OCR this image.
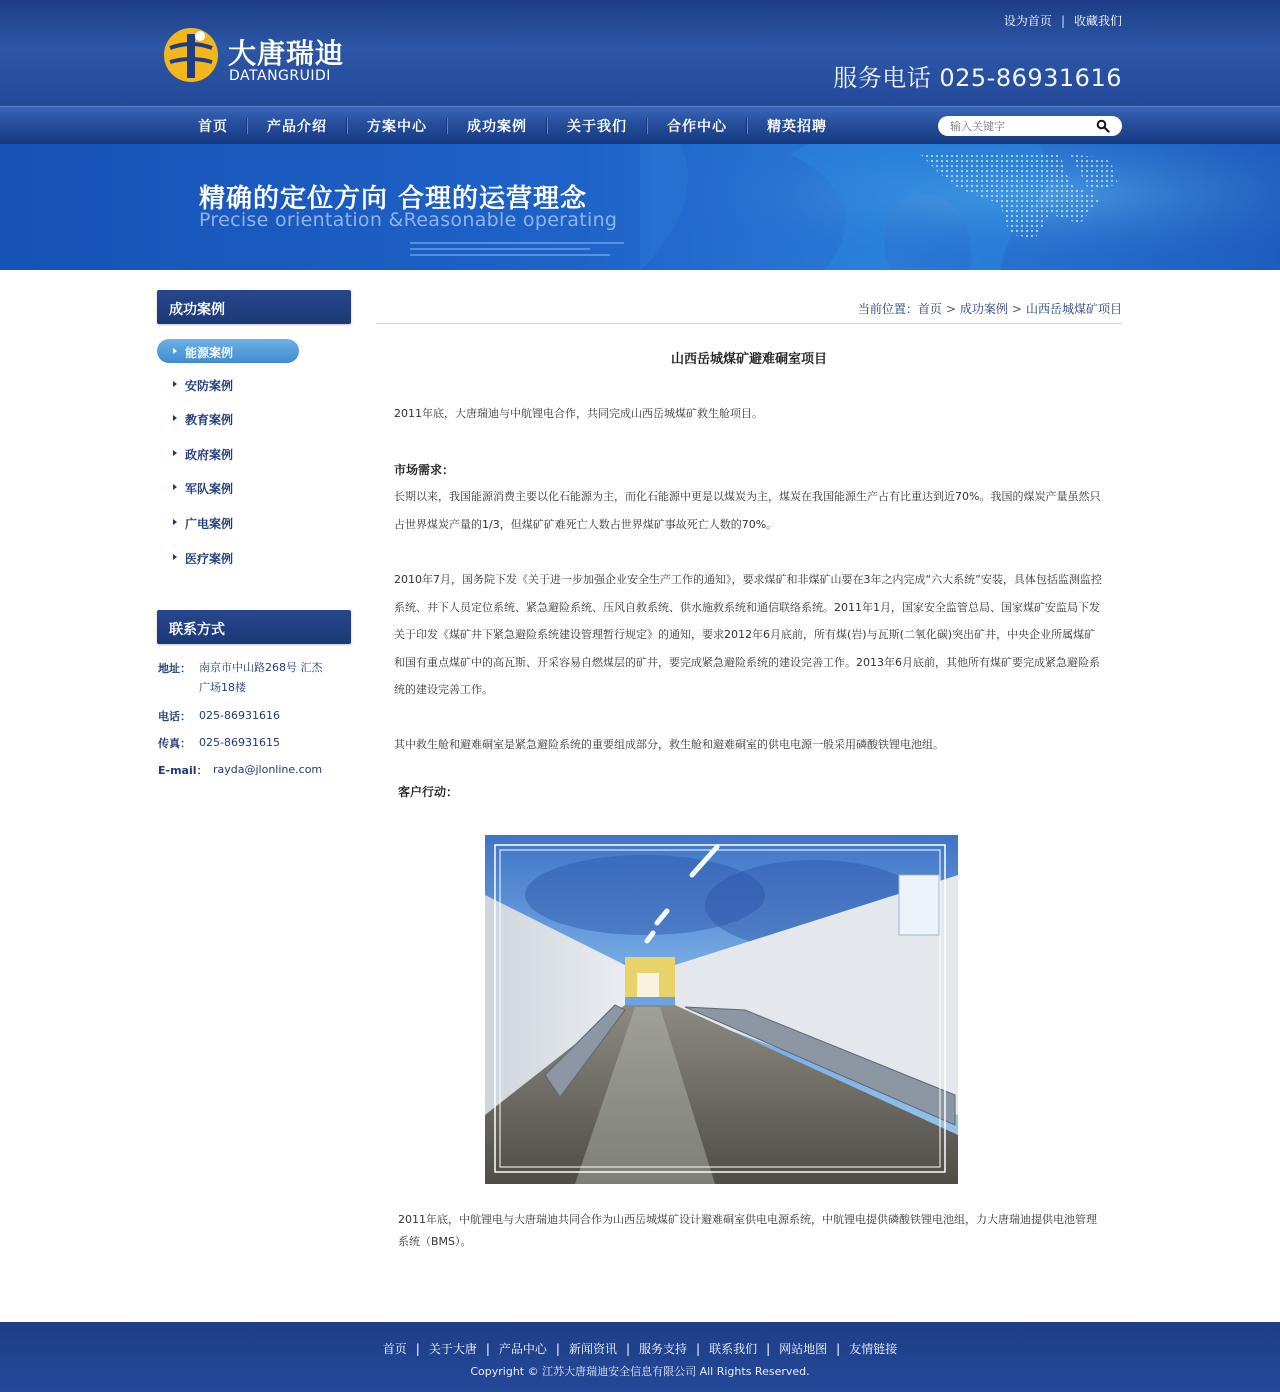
大唐瑞迪
DATANGRUIDI
设为首页 | 收藏我们
服务电话 025-86931616
首页	产品介绍	方案中心	成功案例	关于我们	合作中心	精英招聘
输入关键字
精确的定位方向 合理的运营理念
Precise orientation &Reasonable operating
成功案例
能源案例
安防案例
教育案例
政府案例
军队案例
广电案例
医疗案例
联系方式
地址： 南京市中山路268号 汇杰
广场18楼
电话： 025-86931616
传真： 025-86931615
E-mail： rayda@jlonline.com
当前位置：首页 > 成功案例 > 山西岳城煤矿项目
山西岳城煤矿避难硐室项目
2011年底，大唐瑞迪与中航锂电合作，共同完成山西岳城煤矿救生舱项目。
市场需求：
长期以来，我国能源消费主要以化石能源为主，而化石能源中更是以煤炭为主，煤炭在我国能源生产占有比重达到近70%。我国的煤炭产量虽然只占世界煤炭产量的1/3，但煤矿矿难死亡人数占世界煤矿事故死亡人数的70%。
2010年7月，国务院下发《关于进一步加强企业安全生产工作的通知》，要求煤矿和非煤矿山要在3年之内完成“六大系统”安装，具体包括监测监控系统、井下人员定位系统、紧急避险系统、压风自救系统、供水施救系统和通信联络系统。2011年1月，国家安全监管总局、国家煤矿安监局下发关于印发《煤矿井下紧急避险系统建设管理暂行规定》的通知，要求2012年6月底前，所有煤(岩)与瓦斯(二氧化碳)突出矿井，中央企业所属煤矿和国有重点煤矿中的高瓦斯、开采容易自燃煤层的矿井，要完成紧急避险系统的建设完善工作。2013年6月底前，其他所有煤矿要完成紧急避险系统的建设完善工作。
其中救生舱和避难硐室是紧急避险系统的重要组成部分，救生舱和避难硐室的供电电源一般采用磷酸铁锂电池组。
客户行动：
2011年底，中航锂电与大唐瑞迪共同合作为山西岳城煤矿设计避难硐室供电电源系统，中航锂电提供磷酸铁锂电池组，力大唐瑞迪提供电池管理系统（BMS）。
首页 | 关于大唐 | 产品中心 | 新闻资讯 | 服务支持 | 联系我们 | 网站地图 | 友情链接
Copyright © 江苏大唐瑞迪安全信息有限公司 All Rights Reserved.
